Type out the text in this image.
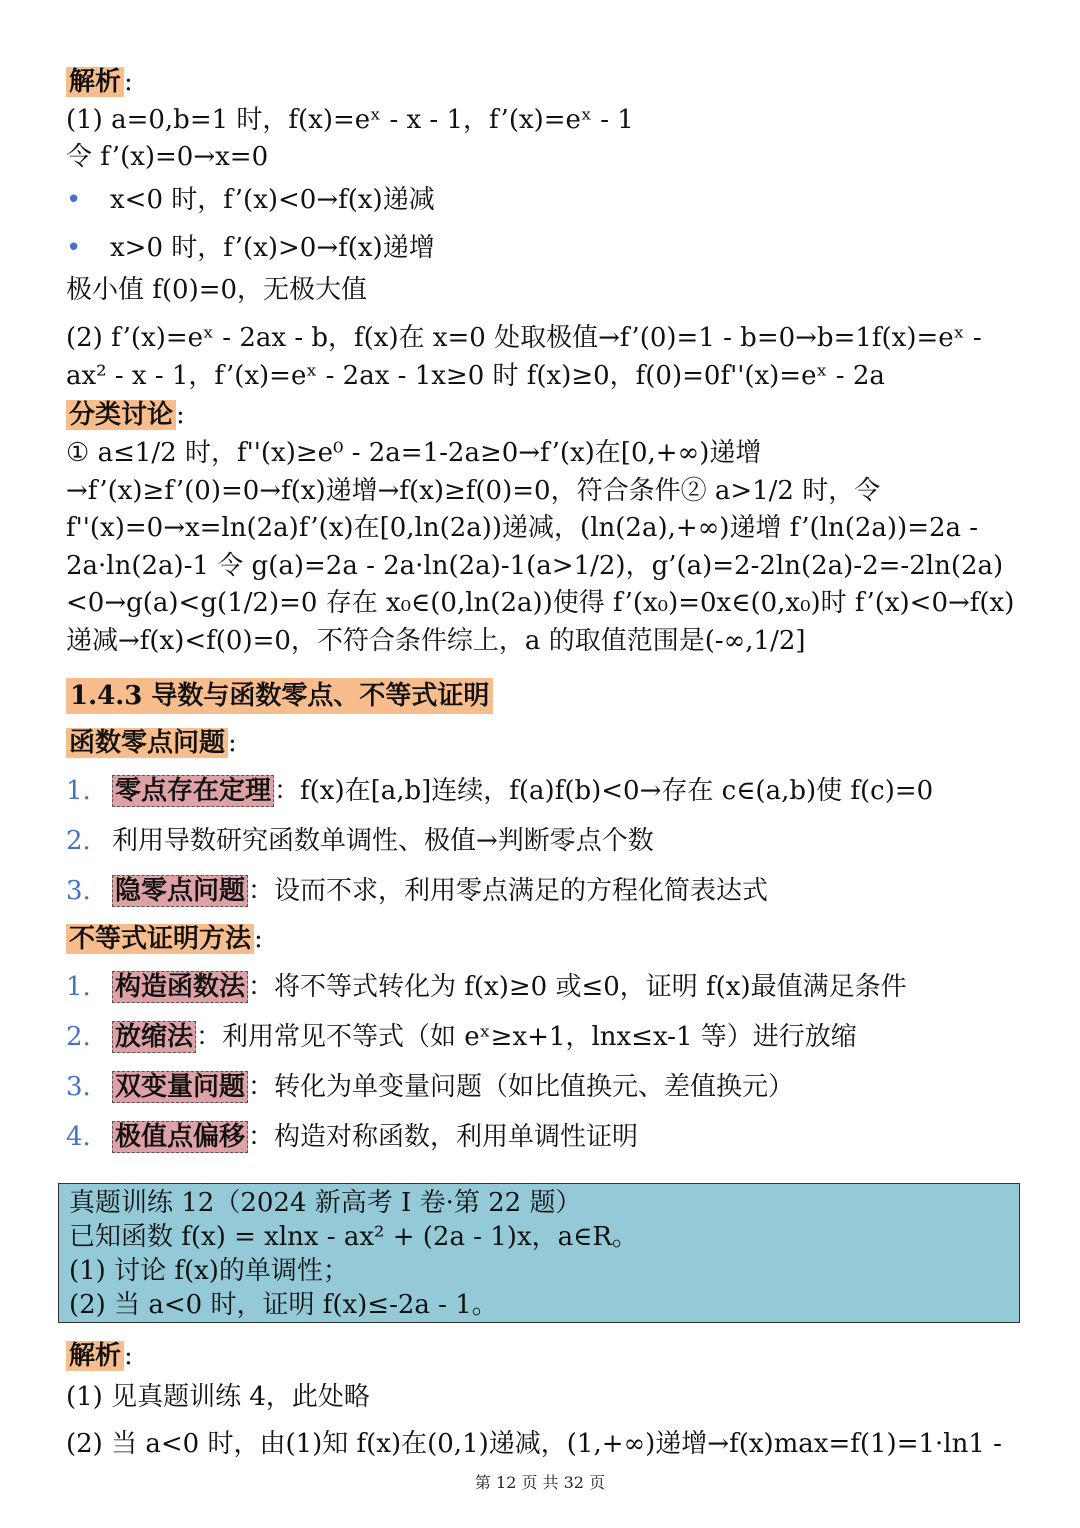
解析 :
(1) a=0,b=1 时，f(x)=eˣ - x - 1，f’(x)=eˣ - 1
令 f’(x)=0→x=0
•	x<0 时，f’(x)<0→f(x)递减
•	x>0 时，f’(x)>0→f(x)递增
极小值 f(0)=0，无极大值
(2) f’(x)=eˣ - 2ax - b，f(x)在 x=0 处取极值→f’(0)=1 - b=0→b=1f(x)=eˣ - ax² - x - 1，f’(x)=eˣ - 2ax - 1x≥0 时 f(x)≥0，f(0)=0f''(x)=eˣ - 2a
分类讨论 :
① a≤1/2 时，f''(x)≥e⁰ - 2a=1-2a≥0→f’(x)在[0,+∞)递增→f’(x)≥f’(0)=0→f(x)递增→f(x)≥f(0)=0，符合条件② a>1/2 时，令 f''(x)=0→x=ln(2a)f’(x)在[0,ln(2a))递减，(ln(2a),+∞)递增 f’(ln(2a))=2a - 2a·ln(2a)-1 令 g(a)=2a - 2a·ln(2a)-1(a>1/2)，g’(a)=2-2ln(2a)-2=-2ln(2a)<0→g(a)<g(1/2)=0 存在 x₀∈(0,ln(2a))使得 f’(x₀)=0x∈(0,x₀)时 f’(x)<0→f(x)递减→f(x)<f(0)=0，不符合条件综上，a 的取值范围是(-∞,1/2]
1.4.3 导数与函数零点、不等式证明
函数零点问题 :
1. 零点存在定理 ：f(x)在[a,b]连续，f(a)f(b)<0→存在 c∈(a,b)使 f(c)=0
2. 利用导数研究函数单调性、极值→判断零点个数
3. 隐零点问题 ：设而不求，利用零点满足的方程化简表达式
不等式证明方法 :
1. 构造函数法 ：将不等式转化为 f(x)≥0 或≤0，证明 f(x)最值满足条件
2. 放缩法 ：利用常见不等式（如 eˣ≥x+1，lnx≤x-1 等）进行放缩
3. 双变量问题 ：转化为单变量问题（如比值换元、差值换元）
4. 极值点偏移 ：构造对称函数，利用单调性证明
真题训练 12（2024 新高考 I 卷·第 22 题）
已知函数 f(x) = xlnx - ax² + (2a - 1)x，a∈R。
(1) 讨论 f(x)的单调性；
(2) 当 a<0 时，证明 f(x)≤-2a - 1。
解析 :
(1) 见真题训练 4，此处略
(2) 当 a<0 时，由(1)知 f(x)在(0,1)递减，(1,+∞)递增→f(x)max=f(1)=1·ln1 -
第 12 页 共 32 页
